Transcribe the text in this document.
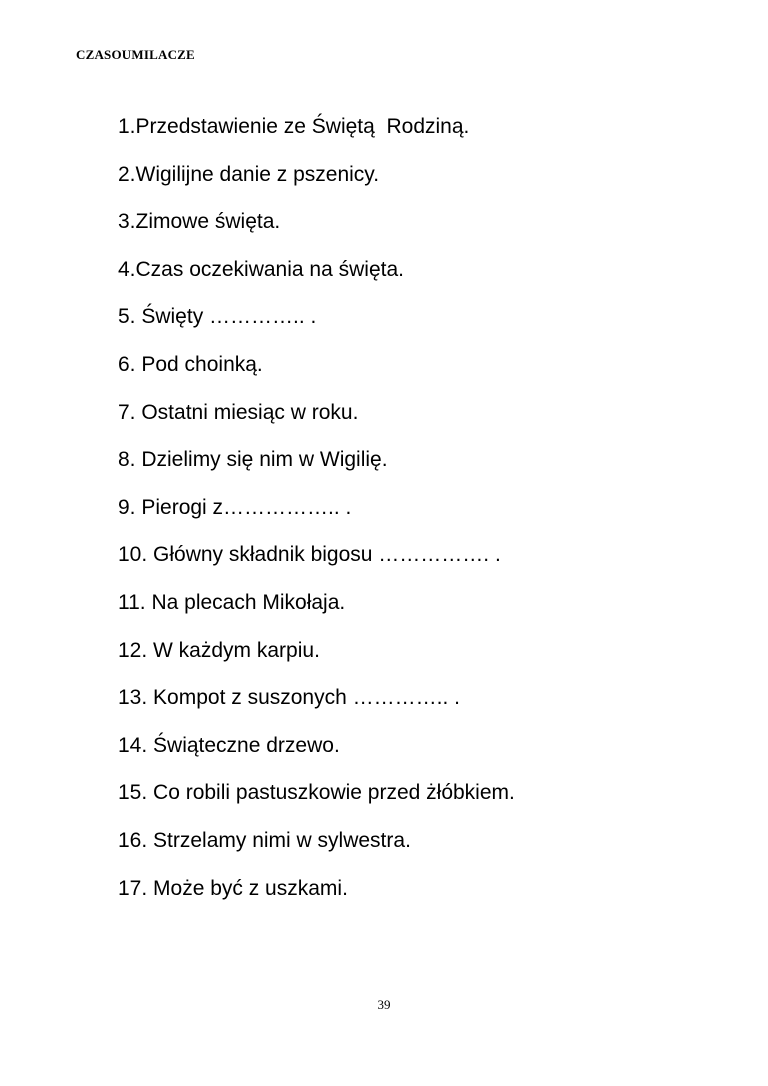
CZASOUMILACZE
1.Przedstawienie ze Świętą  Rodziną.
2.Wigilijne danie z pszenicy.
3.Zimowe święta.
4.Czas oczekiwania na święta.
5. Święty ………….. .
6. Pod choinką.
7. Ostatni miesiąc w roku.
8. Dzielimy się nim w Wigilię.
9. Pierogi z…………….. .
10. Główny składnik bigosu ……………. .
11. Na plecach Mikołaja.
12. W każdym karpiu.
13. Kompot z suszonych ………….. .
14. Świąteczne drzewo.
15. Co robili pastuszkowie przed żłóbkiem.
16. Strzelamy nimi w sylwestra.
17. Może być z uszkami.
39
